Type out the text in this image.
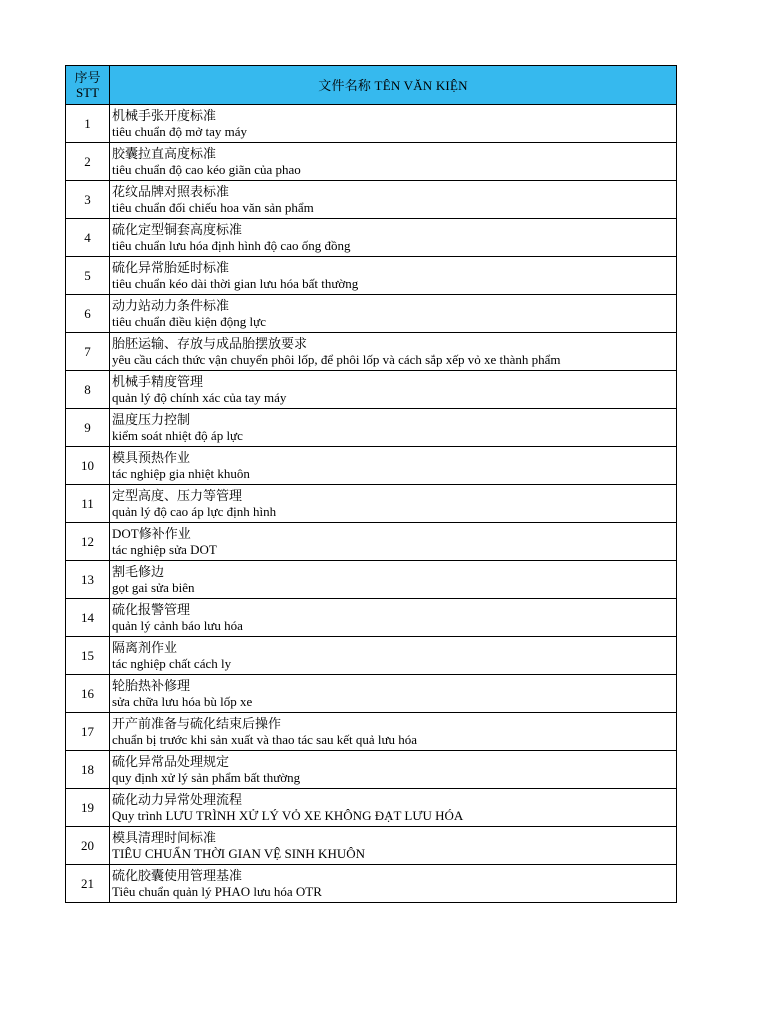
序号
STT	文件名称 TÊN VĂN KIỆN
1	机械手张开度标准
tiêu chuẩn độ mở tay máy

2	胶囊拉直高度标准
tiêu chuẩn độ cao kéo giãn của phao

3	花纹品牌对照表标准
tiêu chuẩn đối chiếu hoa văn sản phẩm

4	硫化定型铜套高度标准
tiêu chuẩn lưu hóa định hình độ cao ống đồng

5	硫化异常胎延时标准
tiêu chuẩn kéo dài thời gian lưu hóa bất thường

6	动力站动力条件标准
tiêu chuẩn điều kiện động lực

7	胎胚运输、存放与成品胎摆放要求
yêu cầu cách thức vận chuyển phôi lốp, để phôi lốp và cách sắp xếp vỏ xe thành phẩm

8	机械手精度管理
quản lý độ chính xác của tay máy

9	温度压力控制
kiểm soát nhiệt độ áp lực

10	模具预热作业
tác nghiệp gia nhiệt khuôn

11	定型高度、压力等管理
quản lý độ cao áp lực định hình

12	DOT修补作业
tác nghiệp sửa DOT

13	割毛修边
gọt gai sửa biên

14	硫化报警管理
quản lý cảnh báo lưu hóa

15	隔离剂作业
tác nghiệp chất cách ly

16	轮胎热补修理
sửa chữa lưu hóa bù lốp xe

17	开产前准备与硫化结束后操作
chuẩn bị trước khi sản xuất và thao tác sau kết quả lưu hóa

18	硫化异常品处理规定
quy định xử lý sản phẩm bất thường

19	硫化动力异常处理流程
Quy trình LƯU TRÌNH XỬ LÝ VỎ XE KHÔNG ĐẠT LƯU HÓA

20	模具清理时间标准
TIÊU CHUẨN THỜI GIAN VỆ SINH KHUÔN

21	硫化胶囊使用管理基准
Tiêu chuẩn quản lý PHAO lưu hóa OTR
